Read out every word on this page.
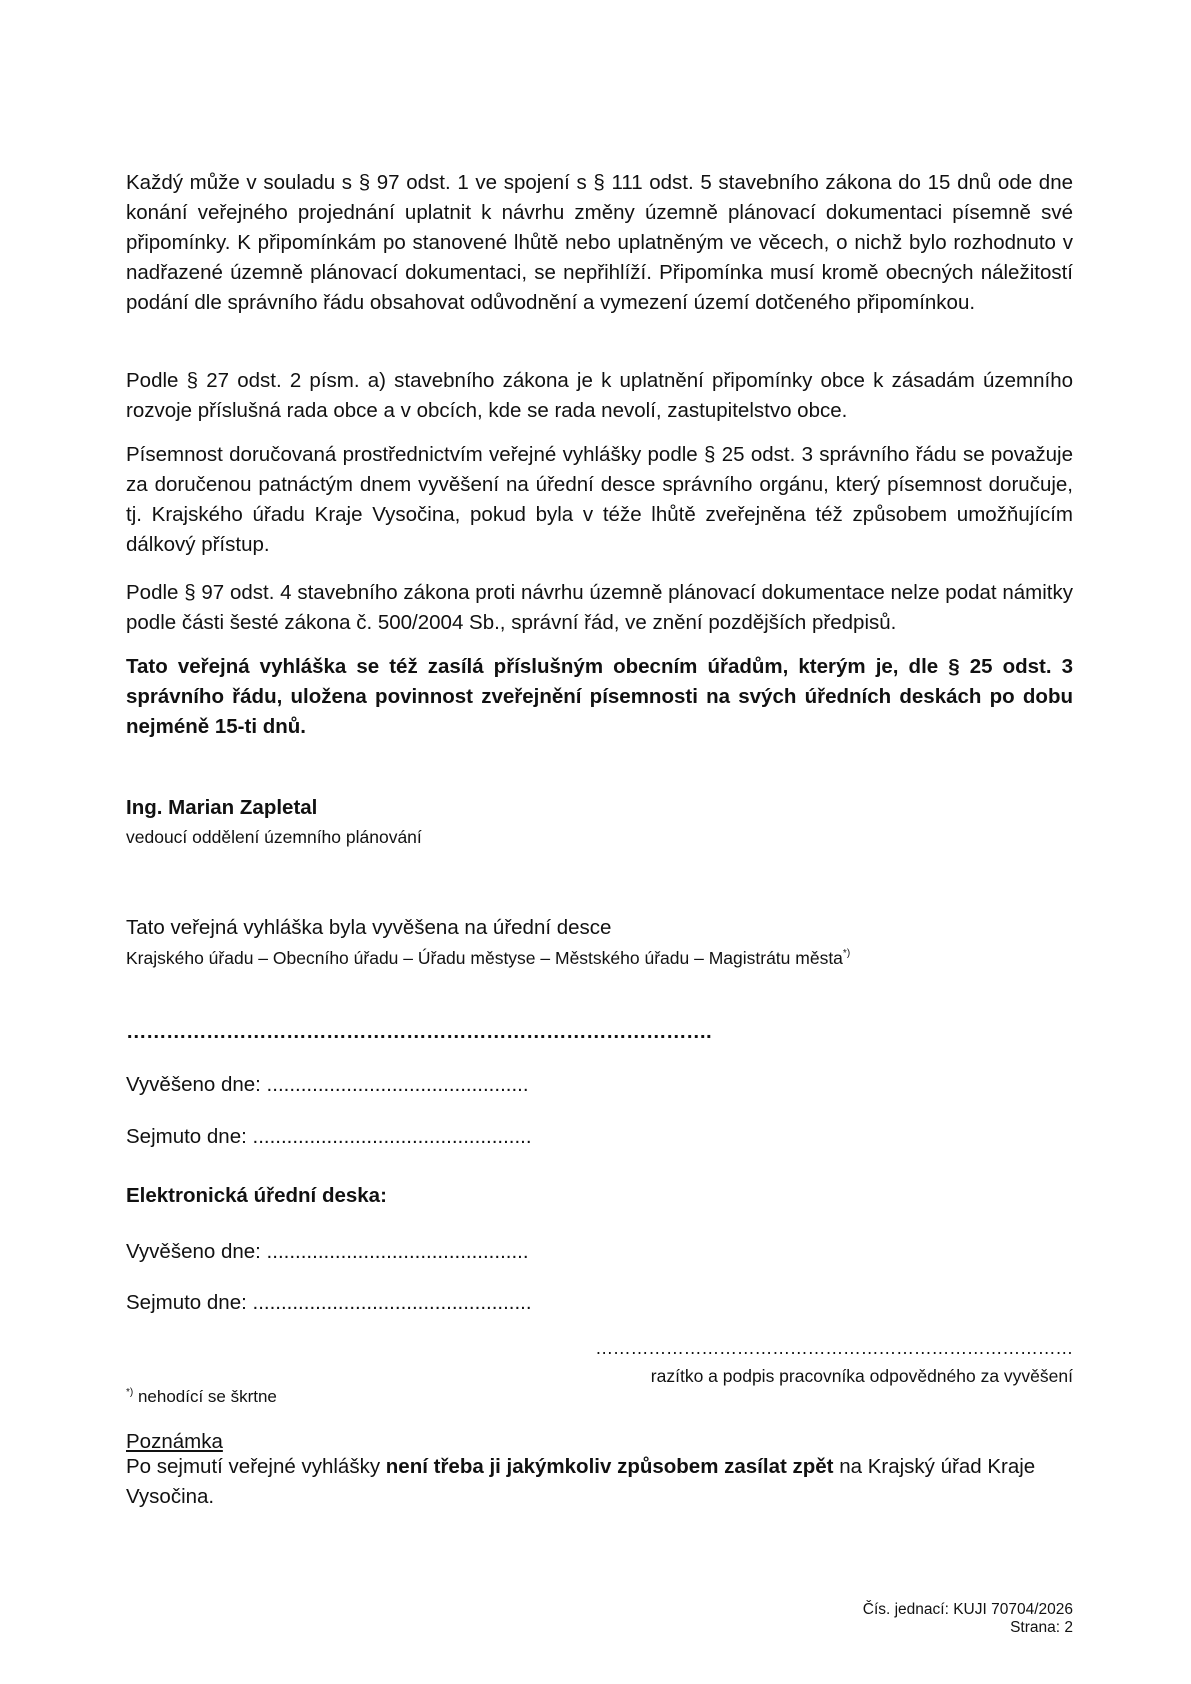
Každý může v souladu s § 97 odst. 1 ve spojení s § 111 odst. 5 stavebního zákona do 15 dnů ode dne konání veřejného projednání uplatnit k návrhu změny územně plánovací dokumentaci písemně své připomínky. K připomínkám po stanovené lhůtě nebo uplatněným ve věcech, o nichž bylo rozhodnuto v nadřazené územně plánovací dokumentaci, se nepřihlíží. Připomínka musí kromě obecných náležitostí podání dle správního řádu obsahovat odůvodnění a vymezení území dotčeného připomínkou.

Podle § 27 odst. 2 písm. a) stavebního zákona je k uplatnění připomínky obce k zásadám územního rozvoje příslušná rada obce a v obcích, kde se rada nevolí, zastupitelstvo obce.

Písemnost doručovaná prostřednictvím veřejné vyhlášky podle § 25 odst. 3 správního řádu se považuje za doručenou patnáctým dnem vyvěšení na úřední desce správního orgánu, který písemnost doručuje, tj. Krajského úřadu Kraje Vysočina, pokud byla v téže lhůtě zveřejněna též způsobem umožňujícím dálkový přístup.

Podle § 97 odst. 4 stavebního zákona proti návrhu územně plánovací dokumentace nelze podat námitky podle části šesté zákona č. 500/2004 Sb., správní řád, ve znění pozdějších předpisů.

Tato veřejná vyhláška se též zasílá příslušným obecním úřadům, kterým je, dle § 25 odst. 3 správního řádu, uložena povinnost zveřejnění písemnosti na svých úředních deskách po dobu nejméně 15-ti dnů.

Ing. Marian Zapletal
vedoucí oddělení územního plánování
Tato veřejná vyhláška byla vyvěšena na úřední desce
Krajského úřadu – Obecního úřadu – Úřadu městyse – Městského úřadu – Magistrátu města*)
…………………………………………………………………………….
Vyvěšeno dne: ..............................................
Sejmuto dne: .................................................
Elektronická úřední deska:
Vyvěšeno dne: ..............................................
Sejmuto dne: .................................................
………………………………………………………………………
razítko a podpis pracovníka odpovědného za vyvěšení
*) nehodící se škrtne
Poznámka
Po sejmutí veřejné vyhlášky není třeba ji jakýmkoliv způsobem zasílat zpět na Krajský úřad Kraje Vysočina.
Čís. jednací: KUJI 70704/2026
Strana: 2
